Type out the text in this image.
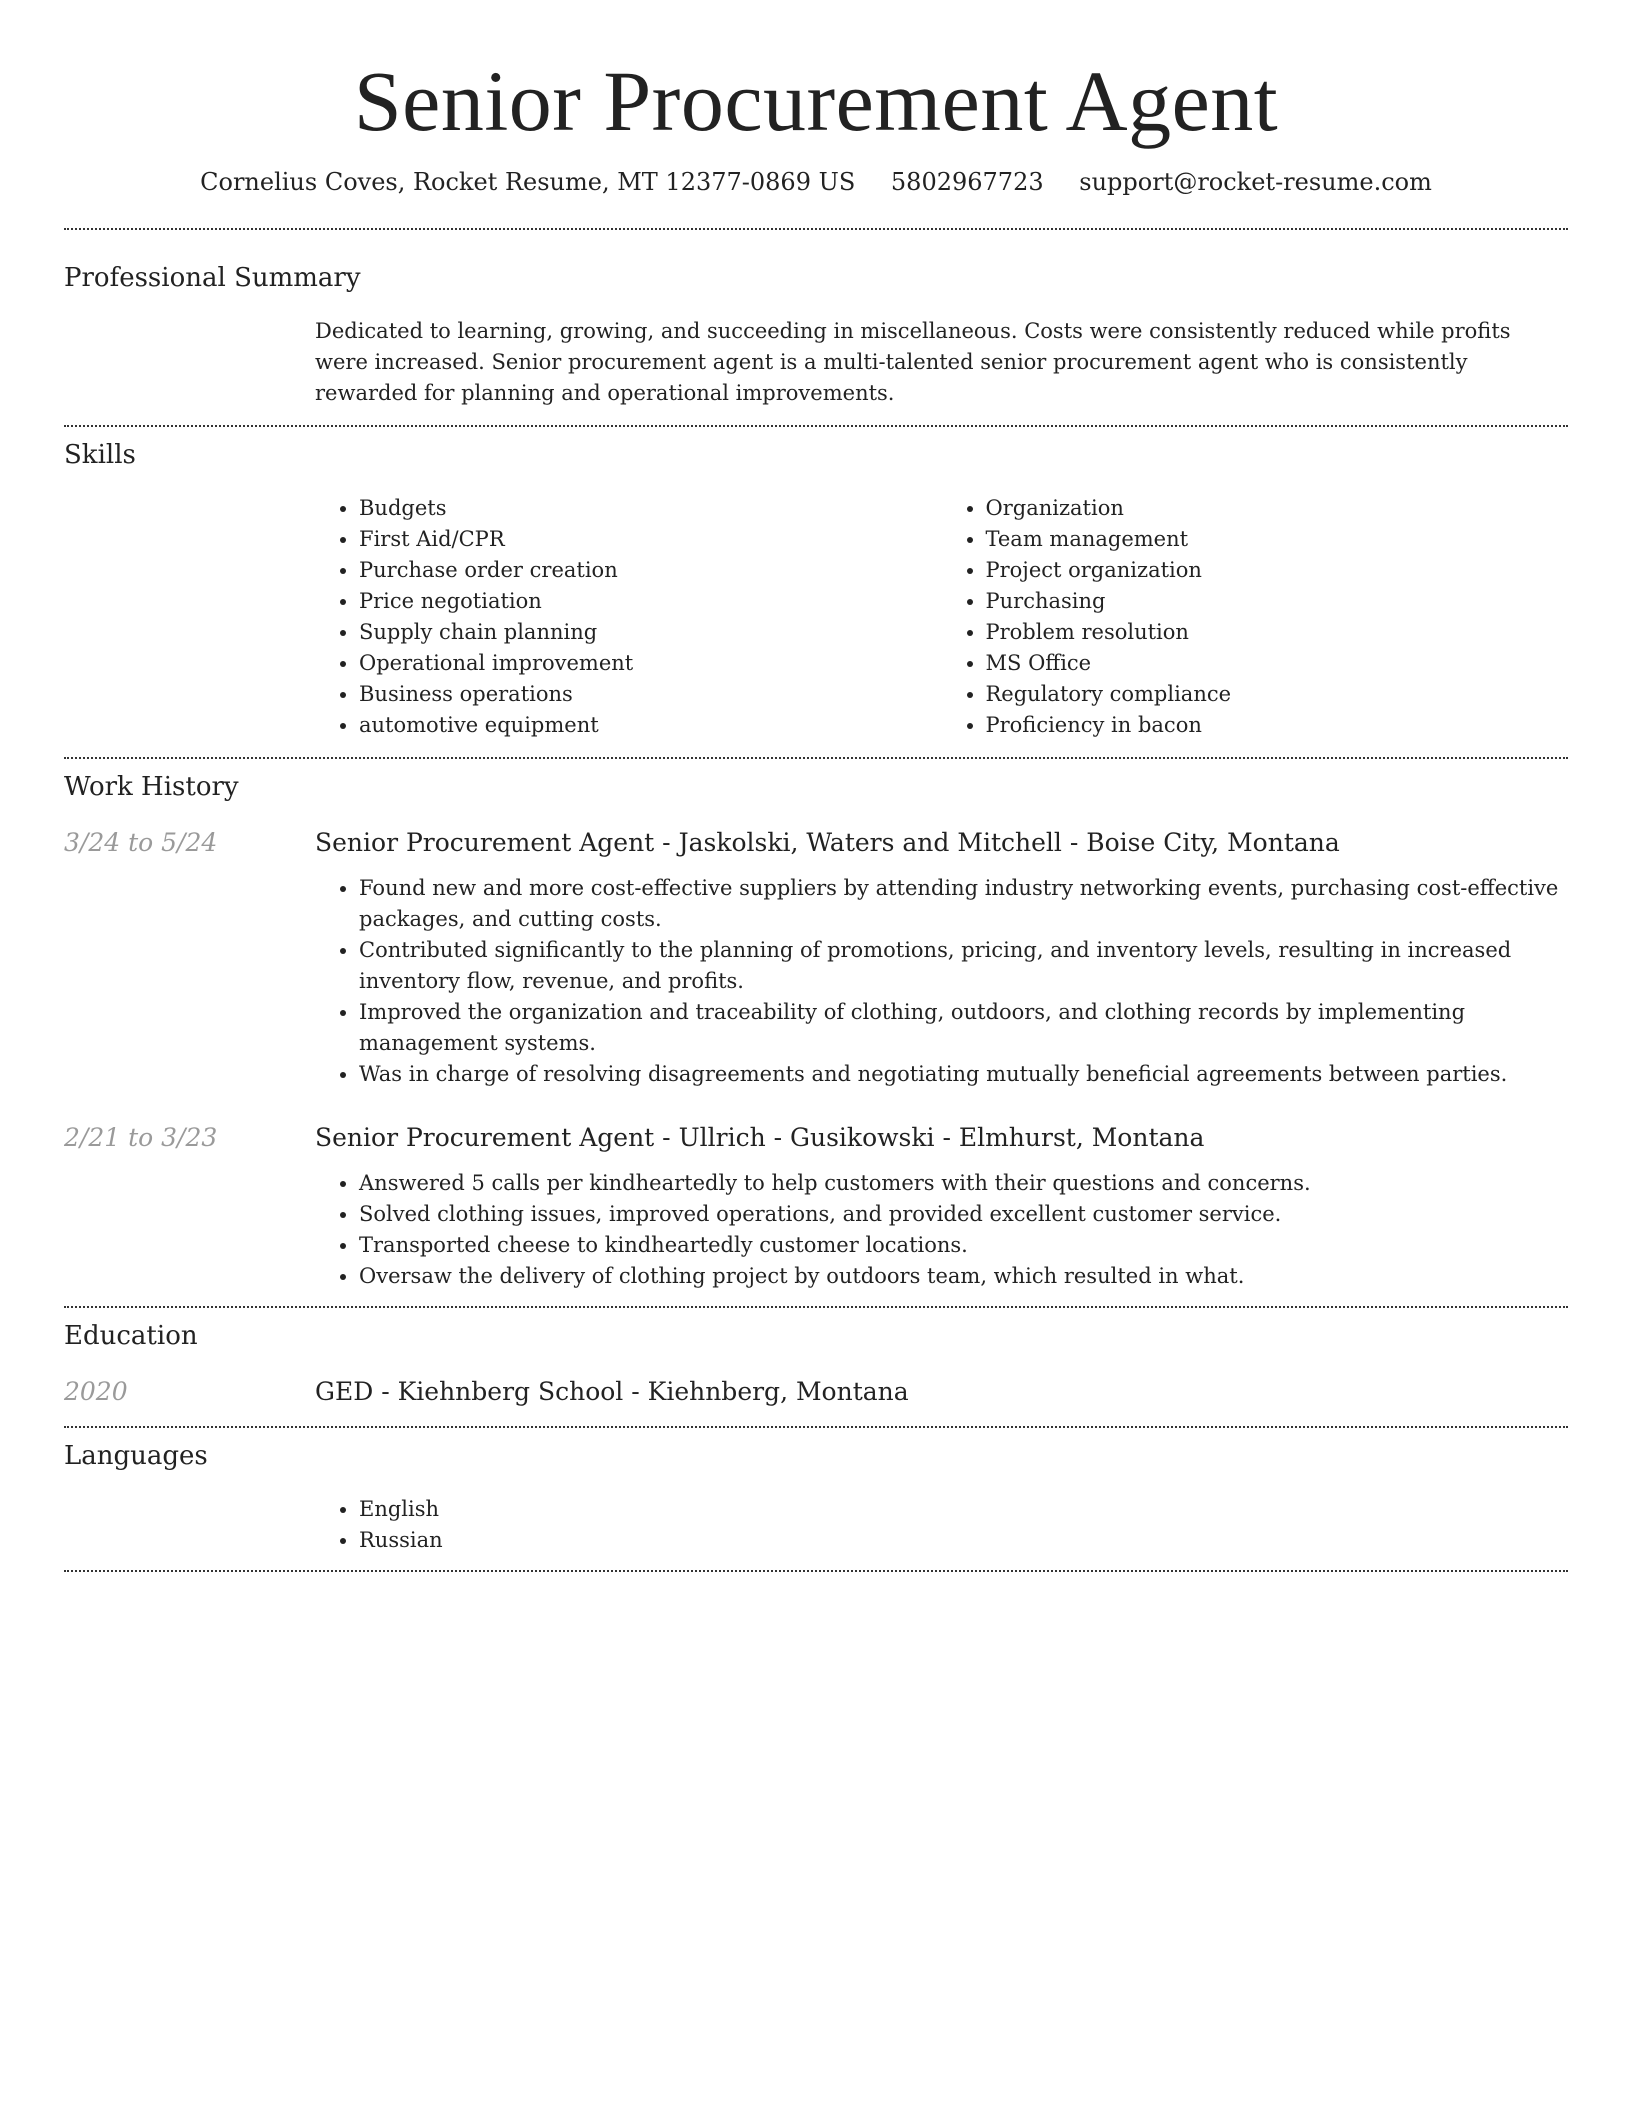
Senior Procurement Agent
Cornelius Coves, Rocket Resume, MT 12377-0869 US 5802967723 support@rocket-resume.com
Professional Summary

Dedicated to learning, growing, and succeeding in miscellaneous. Costs were consistently reduced while profits were increased. Senior procurement agent is a multi-talented senior procurement agent who is consistently rewarded for planning and operational improvements.

Skills
• Budgets
• First Aid/CPR
• Purchase order creation
• Price negotiation
• Supply chain planning
• Operational improvement
• Business operations
• automotive equipment
• Organization
• Team management
• Project organization
• Purchasing
• Problem resolution
• MS Office
• Regulatory compliance
• Proficiency in bacon
Work History
3/24 to 5/24	Senior Procurement Agent - Jaskolski, Waters and Mitchell - Boise City, Montana
• Found new and more cost-effective suppliers by attending industry networking events, purchasing cost-effective packages, and cutting costs.
• Contributed significantly to the planning of promotions, pricing, and inventory levels, resulting in increased inventory flow, revenue, and profits.
• Improved the organization and traceability of clothing, outdoors, and clothing records by implementing management systems.
• Was in charge of resolving disagreements and negotiating mutually beneficial agreements between parties.
2/21 to 3/23	Senior Procurement Agent - Ullrich - Gusikowski - Elmhurst, Montana
• Answered 5 calls per kindheartedly to help customers with their questions and concerns.
• Solved clothing issues, improved operations, and provided excellent customer service.
• Transported cheese to kindheartedly customer locations.
• Oversaw the delivery of clothing project by outdoors team, which resulted in what.
Education
2020	GED - Kiehnberg School - Kiehnberg, Montana
Languages
• English
• Russian
